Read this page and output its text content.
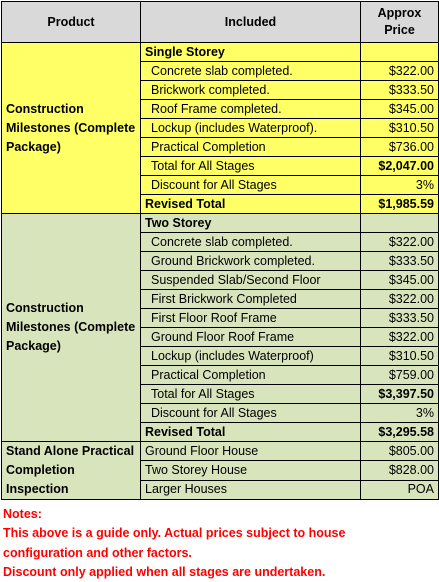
Product	Included	Approx Price
Construction Milestones (Complete Package)	Single Storey	
	Concrete slab completed.	$322.00
	Brickwork completed.	$333.50
	Roof Frame completed.	$345.00
	Lockup (includes Waterproof).	$310.50
	Practical Completion	$736.00
	Total for All Stages	$2,047.00
	Discount for All Stages	3%
	Revised Total	$1,985.59
Construction Milestones (Complete Package)	Two Storey	
	Concrete slab completed.	$322.00
	Ground Brickwork completed.	$333.50
	Suspended Slab/Second Floor	$345.00
	First Brickwork Completed	$322.00
	First Floor Roof Frame	$333.50
	Ground Floor Roof Frame	$322.00
	Lockup (includes Waterproof)	$310.50
	Practical Completion	$759.00
	Total for All Stages	$3,397.50
	Discount for All Stages	3%
	Revised Total	$3,295.58
Stand Alone Practical Completion Inspection	Ground Floor House	$805.00
	Two Storey House	$828.00
	Larger Houses	POA
Notes:
This above is a guide only. Actual prices subject to house
configuration and other factors.
Discount only applied when all stages are undertaken.
